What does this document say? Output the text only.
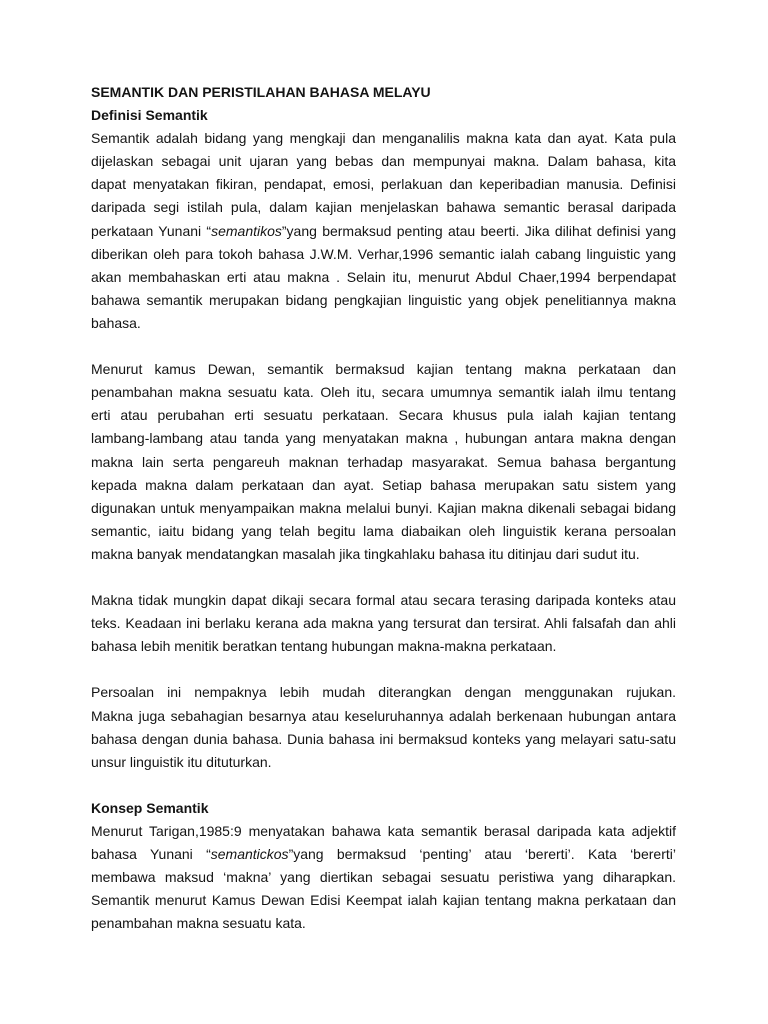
SEMANTIK DAN PERISTILAHAN BAHASA MELAYU
Definisi Semantik
Semantik adalah bidang yang mengkaji dan menganalilis makna kata dan ayat. Kata pula
dijelaskan sebagai unit ujaran yang bebas dan mempunyai makna. Dalam bahasa, kita
dapat menyatakan fikiran, pendapat, emosi, perlakuan dan keperibadian manusia. Definisi
daripada segi istilah pula, dalam kajian menjelaskan bahawa semantic berasal daripada
perkataan Yunani “semantikos”yang bermaksud penting atau beerti. Jika dilihat definisi yang
diberikan oleh para tokoh bahasa J.W.M. Verhar,1996 semantic ialah cabang linguistic yang
akan membahaskan erti atau makna . Selain itu, menurut Abdul Chaer,1994 berpendapat
bahawa semantik merupakan bidang pengkajian linguistic yang objek penelitiannya makna
bahasa.
Menurut kamus Dewan, semantik bermaksud kajian tentang makna perkataan dan
penambahan makna sesuatu kata. Oleh itu, secara umumnya semantik ialah ilmu tentang
erti atau perubahan erti sesuatu perkataan. Secara khusus pula ialah kajian tentang
lambang-lambang atau tanda yang menyatakan makna , hubungan antara makna dengan
makna lain serta pengareuh maknan terhadap masyarakat. Semua bahasa bergantung
kepada makna dalam perkataan dan ayat. Setiap bahasa merupakan satu sistem yang
digunakan untuk menyampaikan makna melalui bunyi. Kajian makna dikenali sebagai bidang
semantic, iaitu bidang yang telah begitu lama diabaikan oleh linguistik kerana persoalan
makna banyak mendatangkan masalah jika tingkahlaku bahasa itu ditinjau dari sudut itu.
Makna tidak mungkin dapat dikaji secara formal atau secara terasing daripada konteks atau
teks. Keadaan ini berlaku kerana ada makna yang tersurat dan tersirat. Ahli falsafah dan ahli
bahasa lebih menitik beratkan tentang hubungan makna-makna perkataan.
Persoalan ini nempaknya lebih mudah diterangkan dengan menggunakan rujukan.
Makna juga sebahagian besarnya atau keseluruhannya adalah berkenaan hubungan antara
bahasa dengan dunia bahasa. Dunia bahasa ini bermaksud konteks yang melayari satu-satu
unsur linguistik itu dituturkan.
Konsep Semantik
Menurut Tarigan,1985:9 menyatakan bahawa kata semantik berasal daripada kata adjektif
bahasa Yunani “semantickos”yang bermaksud ‘penting’ atau ‘bererti’. Kata ‘bererti’
membawa maksud ‘makna’ yang diertikan sebagai sesuatu peristiwa yang diharapkan.
Semantik menurut Kamus Dewan Edisi Keempat ialah kajian tentang makna perkataan dan
penambahan makna sesuatu kata.
